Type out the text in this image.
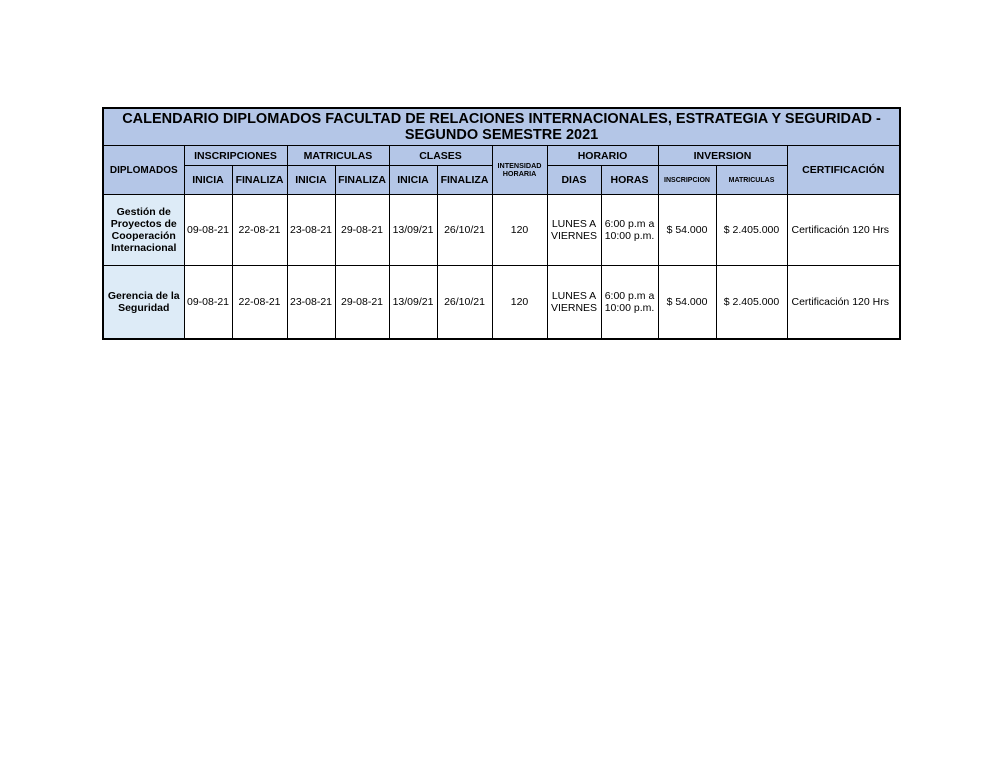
CALENDARIO DIPLOMADOS FACULTAD DE RELACIONES INTERNACIONALES, ESTRATEGIA Y SEGURIDAD - SEGUNDO SEMESTRE 2021												
DIPLOMADOS	INSCRIPCIONES		MATRICULAS		CLASES		INTENSIDAD HORARIA	HORARIO		INVERSION		CERTIFICACIÓN
	INICIA	FINALIZA	INICIA	FINALIZA	INICIA	FINALIZA		DIAS	HORAS	INSCRIPCION	MATRICULAS	
Gestión de Proyectos de Cooperación Internacional	09-08-21	22-08-21	23-08-21	29-08-21	13/09/21	26/10/21	120	LUNES A VIERNES	6:00 p.m a 10:00 p.m.	$ 54.000	$ 2.405.000	Certificación 120 Hrs
Gerencia de la Seguridad	09-08-21	22-08-21	23-08-21	29-08-21	13/09/21	26/10/21	120	LUNES A VIERNES	6:00 p.m a 10:00 p.m.	$ 54.000	$ 2.405.000	Certificación 120 Hrs
